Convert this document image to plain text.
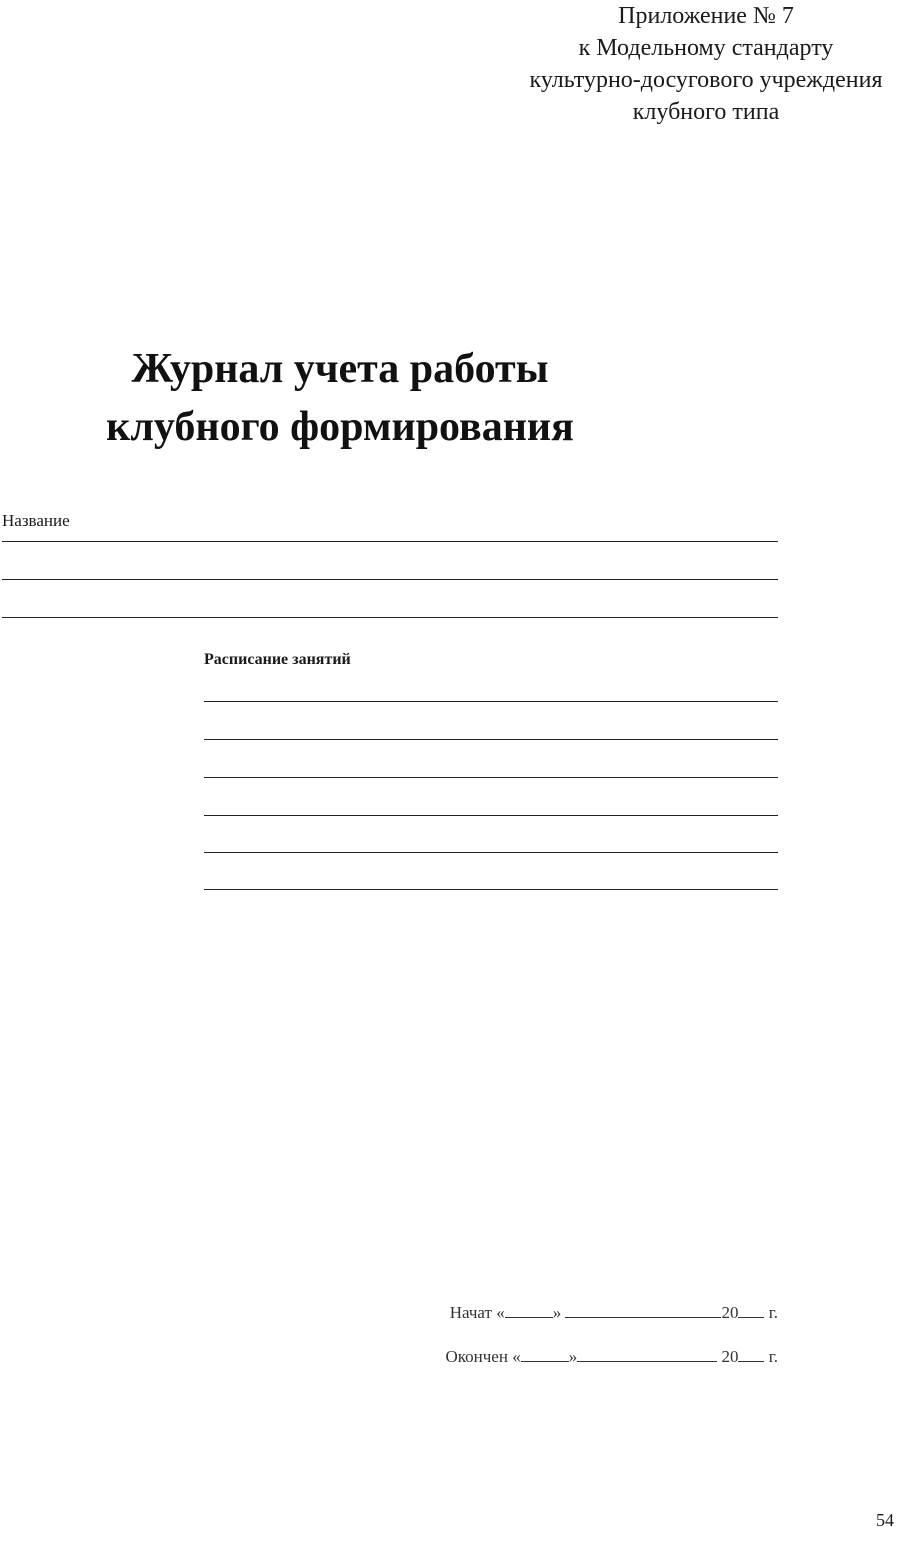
Приложение № 7
к Модельному стандарту
культурно-досугового учреждения
клубного типа
Журнал учета работы
клубного формирования
Название
Расписание занятий
Начат «	»	20 г.
Окончен «	»	20 г.
54
